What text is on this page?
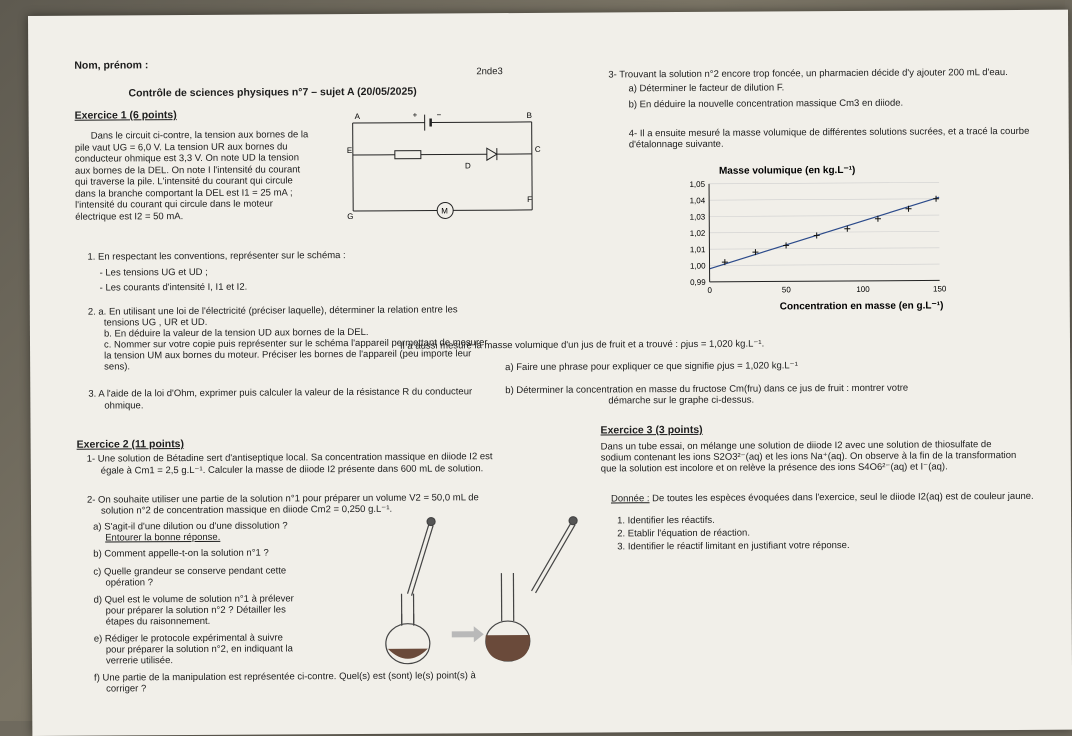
Nom, prénom :	2nde3
Contrôle de sciences physiques n°7 – sujet A (20/05/2025)
Exercice 1 (6 points)
Dans le circuit ci-contre, la tension aux bornes de la
pile vaut UG = 6,0 V. La tension UR aux bornes du
conducteur ohmique est 3,3 V. On note UD la tension
aux bornes de la DEL. On note I l'intensité du courant
qui traverse la pile. L'intensité du courant qui circule
dans la branche comportant la DEL est I1 = 25 mA ;
l'intensité du courant qui circule dans le moteur
électrique est I2 = 50 mA.
A	B
+ −
E	C
D
G
F
M
1. En respectant les conventions, représenter sur le schéma :
- Les tensions UG et UD ;
- Les courants d'intensité I, I1 et I2.
2. a. En utilisant une loi de l'électricité (préciser laquelle), déterminer la relation entre les
tensions UG , UR et UD.
b. En déduire la valeur de la tension UD aux bornes de la DEL.
c. Nommer sur votre copie puis représenter sur le schéma l'appareil permettant de mesurer
la tension UM aux bornes du moteur. Préciser les bornes de l'appareil (peu importe leur
sens).
3. A l'aide de la loi d'Ohm, exprimer puis calculer la valeur de la résistance R du conducteur
ohmique.
Exercice 2 (11 points)
1- Une solution de Bétadine sert d'antiseptique local. Sa concentration massique en diiode I2 est
égale à Cm1 = 2,5 g.L⁻¹. Calculer la masse de diiode I2 présente dans 600 mL de solution.
2- On souhaite utiliser une partie de la solution n°1 pour préparer un volume V2 = 50,0 mL de
solution n°2 de concentration massique en diiode Cm2 = 0,250 g.L⁻¹.
a) S'agit-il d'une dilution ou d'une dissolution ?
Entourer la bonne réponse.
b) Comment appelle-t-on la solution n°1 ?
c) Quelle grandeur se conserve pendant cette
opération ?
d) Quel est le volume de solution n°1 à prélever
pour préparer la solution n°2 ? Détailler les
étapes du raisonnement.
e) Rédiger le protocole expérimental à suivre
pour préparer la solution n°2, en indiquant la
verrerie utilisée.
f) Une partie de la manipulation est représentée ci-contre. Quel(s) est (sont) le(s) point(s) à
corriger ?
3- Trouvant la solution n°2 encore trop foncée, un pharmacien décide d'y ajouter 200 mL d'eau.
a) Déterminer le facteur de dilution F.
b) En déduire la nouvelle concentration massique Cm3 en diiode.
4- Il a ensuite mesuré la masse volumique de différentes solutions sucrées, et a tracé la courbe
d'étalonnage suivante.
Masse volumique (en kg.L⁻¹)
0,99
1,00
1,01
1,02
1,03
1,04
1,05
0	50	100	150
Concentration en masse (en g.L⁻¹)
Il a aussi mesuré la masse volumique d'un jus de fruit et a trouvé : ρjus = 1,020 kg.L⁻¹.
a) Faire une phrase pour expliquer ce que signifie ρjus = 1,020 kg.L⁻¹
b) Déterminer la concentration en masse du fructose Cm(fru) dans ce jus de fruit : montrer votre
démarche sur le graphe ci-dessus.
Exercice 3 (3 points)
Dans un tube essai, on mélange une solution de diiode I2 avec une solution de thiosulfate de
sodium contenant les ions S2O3²⁻(aq) et les ions Na⁺(aq). On observe à la fin de la transformation
que la solution est incolore et on relève la présence des ions S4O6²⁻(aq) et I⁻(aq).
Donnée : De toutes les espèces évoquées dans l'exercice, seul le diiode I2(aq) est de couleur jaune.
1. Identifier les réactifs.
2. Etablir l'équation de réaction.
3. Identifier le réactif limitant en justifiant votre réponse.
